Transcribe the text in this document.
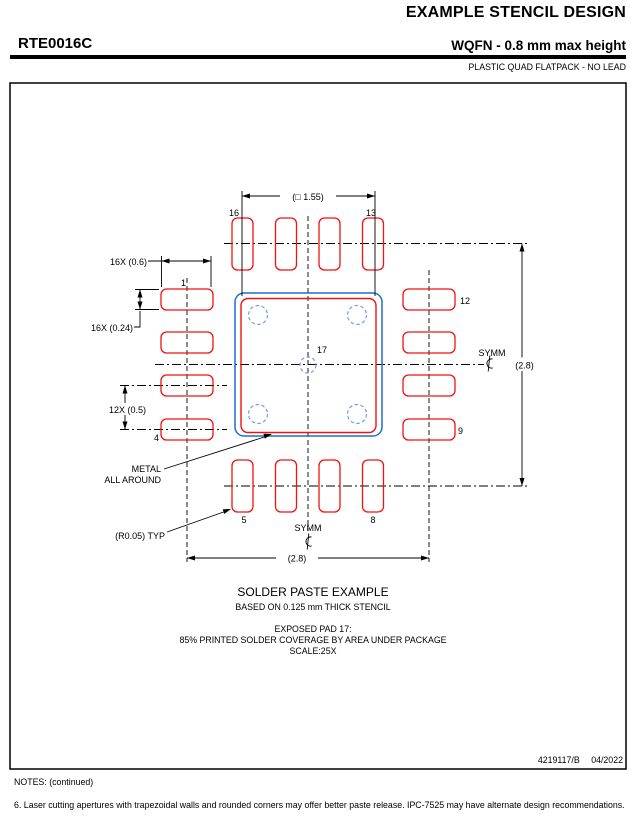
EXAMPLE STENCIL DESIGN
RTE0016C	WQFN - 0.8 mm max height
PLASTIC QUAD FLATPACK - NO LEAD
(□ 1.55)
16X (0.6)
16X (0.24)
12X (0.5)
(2.8)
(2.8)
METAL
ALL AROUND
(R0.05) TYP
SYMM
SYMM
16	13
1
12
4
9
5	8
17

SOLDER PASTE EXAMPLE

BASED ON 0.125 mm THICK STENCIL

EXPOSED PAD 17:

85% PRINTED SOLDER COVERAGE BY AREA UNDER PACKAGE

SCALE:25X

4219117/B 04/2022
NOTES: (continued)
6. Laser cutting apertures with trapezoidal walls and rounded corners may offer better paste release. IPC-7525 may have alternate design recommendations.
